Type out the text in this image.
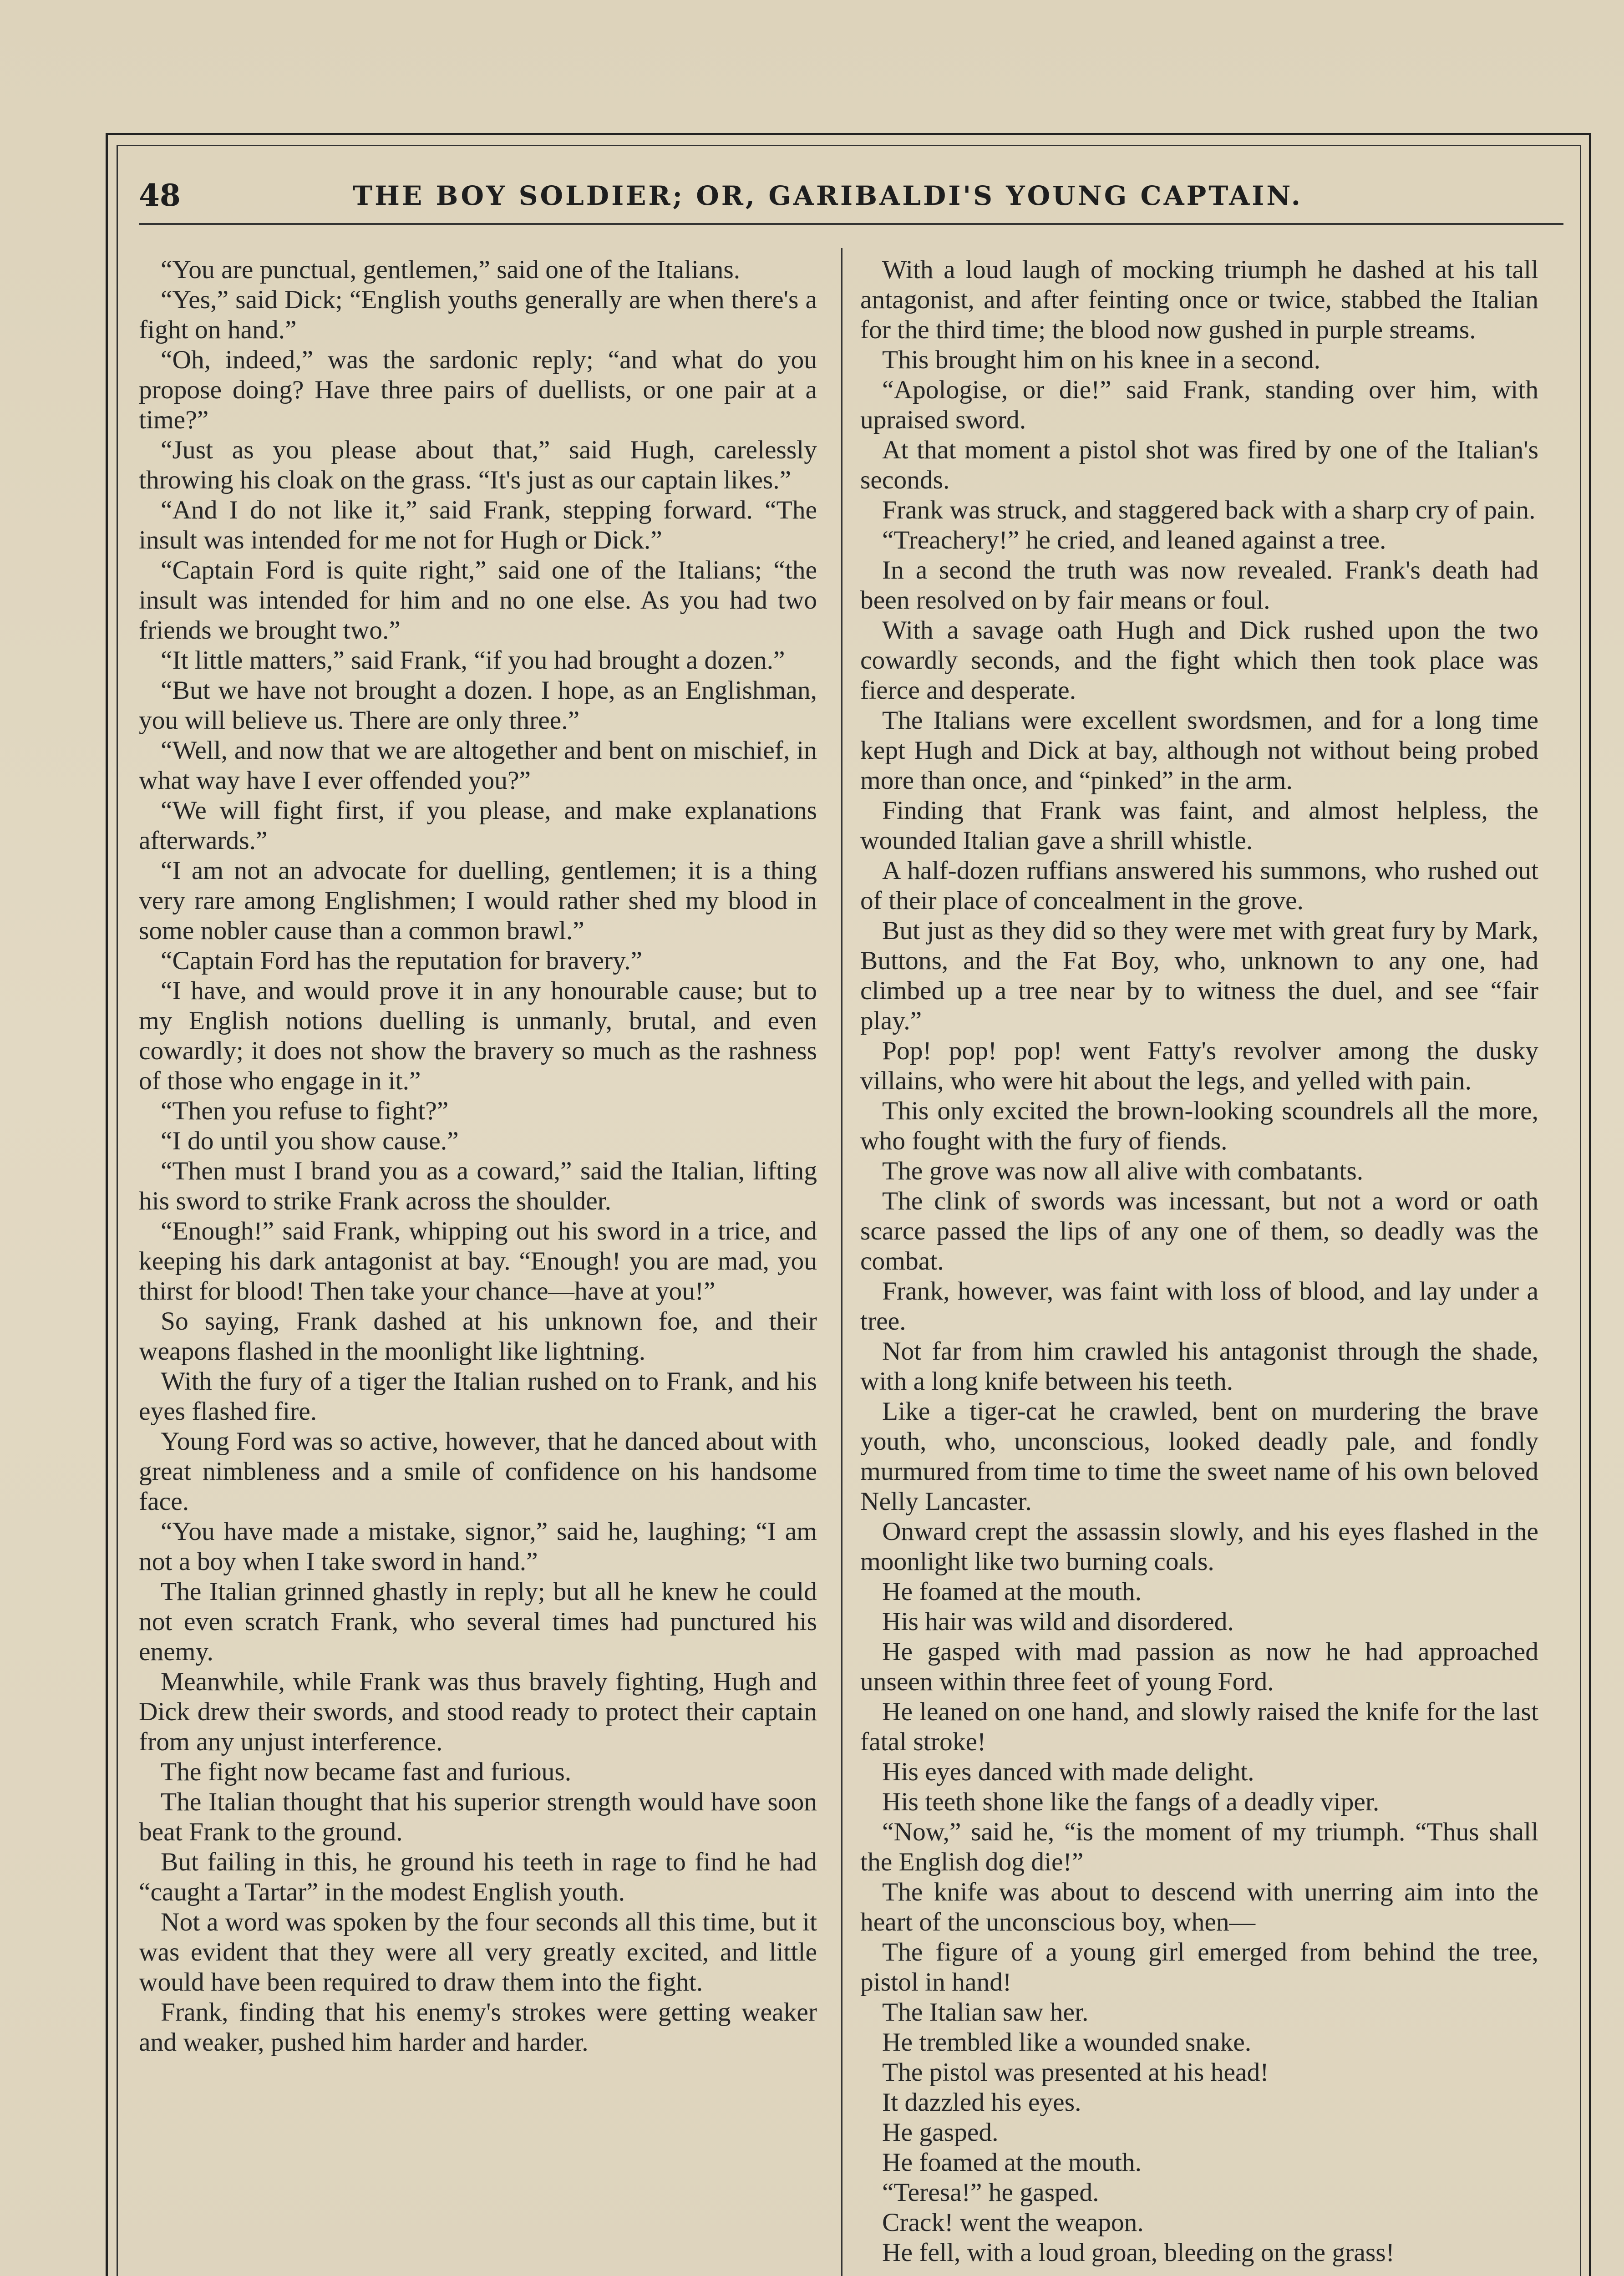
48	THE BOY SOLDIER; OR, GARIBALDI'S YOUNG CAPTAIN.

“You are punctual, gentlemen,” said one of the Italians.

“Yes,” said Dick; “English youths generally are when there's a fight on hand.”

“Oh, indeed,” was the sardonic reply; “and what do you propose doing? Have three pairs of duellists, or one pair at a time?”

“Just as you please about that,” said Hugh, carelessly throwing his cloak on the grass. “It's just as our captain likes.”

“And I do not like it,” said Frank, stepping forward. “The insult was intended for me not for Hugh or Dick.”

“Captain Ford is quite right,” said one of the Italians; “the insult was intended for him and no one else. As you had two friends we brought two.”

“It little matters,” said Frank, “if you had brought a dozen.”

“But we have not brought a dozen. I hope, as an Englishman, you will believe us. There are only three.”

“Well, and now that we are altogether and bent on mischief, in what way have I ever offended you?”

“We will fight first, if you please, and make explanations afterwards.”

“I am not an advocate for duelling, gentlemen; it is a thing very rare among Englishmen; I would rather shed my blood in some nobler cause than a common brawl.”

“Captain Ford has the reputation for bravery.”

“I have, and would prove it in any honourable cause; but to my English notions duelling is unmanly, brutal, and even cowardly; it does not show the bravery so much as the rashness of those who engage in it.”

“Then you refuse to fight?”

“I do until you show cause.”

“Then must I brand you as a coward,” said the Italian, lifting his sword to strike Frank across the shoulder.

“Enough!” said Frank, whipping out his sword in a trice, and keeping his dark antagonist at bay. “Enough! you are mad, you thirst for blood! Then take your chance—have at you!”

So saying, Frank dashed at his unknown foe, and their weapons flashed in the moonlight like lightning.

With the fury of a tiger the Italian rushed on to Frank, and his eyes flashed fire.

Young Ford was so active, however, that he danced about with great nimbleness and a smile of confidence on his handsome face.

“You have made a mistake, signor,” said he, laughing; “I am not a boy when I take sword in hand.”

The Italian grinned ghastly in reply; but all he knew he could not even scratch Frank, who several times had punctured his enemy.

Meanwhile, while Frank was thus bravely fighting, Hugh and Dick drew their swords, and stood ready to protect their captain from any unjust interference.

The fight now became fast and furious.

The Italian thought that his superior strength would have soon beat Frank to the ground.

But failing in this, he ground his teeth in rage to find he had “caught a Tartar” in the modest English youth.

Not a word was spoken by the four seconds all this time, but it was evident that they were all very greatly excited, and little would have been required to draw them into the fight.

Frank, finding that his enemy's strokes were getting weaker and weaker, pushed him harder and harder.

With a loud laugh of mocking triumph he dashed at his tall antagonist, and after feinting once or twice, stabbed the Italian for the third time; the blood now gushed in purple streams.

This brought him on his knee in a second.

“Apologise, or die!” said Frank, standing over him, with upraised sword.

At that moment a pistol shot was fired by one of the Italian's seconds.

Frank was struck, and staggered back with a sharp cry of pain.

“Treachery!” he cried, and leaned against a tree.

In a second the truth was now revealed. Frank's death had been resolved on by fair means or foul.

With a savage oath Hugh and Dick rushed upon the two cowardly seconds, and the fight which then took place was fierce and desperate.

The Italians were excellent swordsmen, and for a long time kept Hugh and Dick at bay, although not without being probed more than once, and “pinked” in the arm.

Finding that Frank was faint, and almost helpless, the wounded Italian gave a shrill whistle.

A half-dozen ruffians answered his summons, who rushed out of their place of concealment in the grove.

But just as they did so they were met with great fury by Mark, Buttons, and the Fat Boy, who, unknown to any one, had climbed up a tree near by to witness the duel, and see “fair play.”

Pop! pop! pop! went Fatty's revolver among the dusky villains, who were hit about the legs, and yelled with pain.

This only excited the brown-looking scoundrels all the more, who fought with the fury of fiends.

The grove was now all alive with combatants.

The clink of swords was incessant, but not a word or oath scarce passed the lips of any one of them, so deadly was the combat.

Frank, however, was faint with loss of blood, and lay under a tree.

Not far from him crawled his antagonist through the shade, with a long knife between his teeth.

Like a tiger-cat he crawled, bent on murdering the brave youth, who, unconscious, looked deadly pale, and fondly murmured from time to time the sweet name of his own beloved Nelly Lancaster.

Onward crept the assassin slowly, and his eyes flashed in the moonlight like two burning coals.

He foamed at the mouth.

His hair was wild and disordered.

He gasped with mad passion as now he had approached unseen within three feet of young Ford.

He leaned on one hand, and slowly raised the knife for the last fatal stroke!

His eyes danced with made delight.

His teeth shone like the fangs of a deadly viper.

“Now,” said he, “is the moment of my triumph. “Thus shall the English dog die!”

The knife was about to descend with unerring aim into the heart of the unconscious boy, when—

The figure of a young girl emerged from behind the tree, pistol in hand!

The Italian saw her.

He trembled like a wounded snake.

The pistol was presented at his head!

It dazzled his eyes.

He gasped.

He foamed at the mouth.

“Teresa!” he gasped.

Crack! went the weapon.

He fell, with a loud groan, bleeding on the grass!
